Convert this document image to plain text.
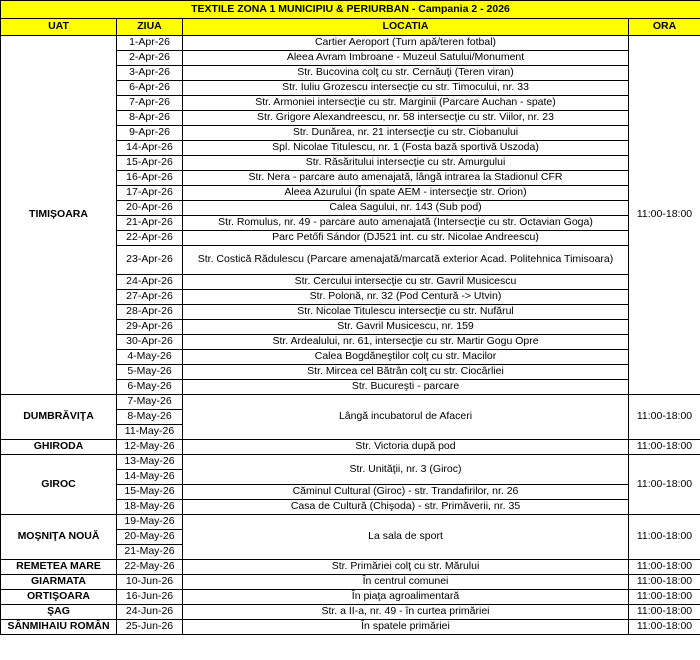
TEXTILE ZONA 1 MUNICIPIU & PERIURBAN - Campania 2 - 2026			
UAT	ZIUA	LOCATIA	ORA
TIMIȘOARA	1-Apr-26	Cartier Aeroport (Turn apă/teren fotbal)	11:00-18:00
	2-Apr-26	Aleea Avram Imbroane - Muzeul Satului/Monument	
	3-Apr-26	Str. Bucovina colţ cu str. Cernăuţi (Teren viran)	
	6-Apr-26	Str. Iuliu Grozescu intersecţie cu str. Timocului, nr. 33	
	7-Apr-26	Str. Armoniei intersecţie cu str. Marginii (Parcare Auchan - spate)	
	8-Apr-26	Str. Grigore Alexandreescu, nr. 58 intersecţie cu str. Viilor, nr. 23	
	9-Apr-26	Str. Dunărea, nr. 21 intersecţie cu str. Ciobanului	
	14-Apr-26	Spl. Nicolae Titulescu, nr. 1 (Fosta bază sportivă Uszoda)	
	15-Apr-26	Str. Răsăritului intersecţie cu str. Amurgului	
	16-Apr-26	Str. Nera - parcare auto amenajată, lângă intrarea la Stadionul CFR	
	17-Apr-26	Aleea Azurului (În spate AEM - intersecţie str. Orion)	
	20-Apr-26	Calea Sagului, nr. 143 (Sub pod)	
	21-Apr-26	Str. Romulus, nr. 49 - parcare auto amenajată (Intersecţie cu str. Octavian Goga)	
	22-Apr-26	Parc Petőfi Sándor (DJ521 int. cu str. Nicolae Andreescu)	
	23-Apr-26	Str. Costică Rădulescu (Parcare amenajată/marcată exterior Acad. Politehnica Timisoara)	
	24-Apr-26	Str. Cercului intersecţie cu str. Gavril Musicescu	
	27-Apr-26	Str. Polonă, nr. 32 (Pod Centură -> Utvin)	
	28-Apr-26	Str. Nicolae Titulescu intersecţie cu str. Nufărul	
	29-Apr-26	Str. Gavril Musicescu, nr. 159	
	30-Apr-26	Str. Ardealului, nr. 61, intersecţie cu str. Martir Gogu Opre	
	4-May-26	Calea Bogdăneştilor colţ cu str. Macilor	
	5-May-26	Str. Mircea cel Bătrân colţ cu str. Ciocârliei	
	6-May-26	Str. Bucureşti - parcare	
DUMBRĂVIŢA	7-May-26	Lângă incubatorul de Afaceri	11:00-18:00
	8-May-26		
	11-May-26		
GHIRODA	12-May-26	Str. Victoria după pod	11:00-18:00
GIROC	13-May-26	Str. Unităţii, nr. 3 (Giroc)	11:00-18:00
	14-May-26		
	15-May-26	Căminul Cultural (Giroc) - str. Trandafirilor, nr. 26	
	18-May-26	Casa de Cultură (Chişoda) - str. Primăverii, nr. 35	
MOŞNIŢA NOUĂ	19-May-26	La sala de sport	11:00-18:00
	20-May-26		
	21-May-26		
REMETEA MARE	22-May-26	Str. Primăriei colţ cu str. Mărului	11:00-18:00
GIARMATA	10-Jun-26	În centrul comunei	11:00-18:00
ORTIŞOARA	16-Jun-26	În piaţa agroalimentară	11:00-18:00
ŞAG	24-Jun-26	Str. a II-a, nr. 49 - în curtea primăriei	11:00-18:00
SÂNMIHAIU ROMÂN	25-Jun-26	În spatele primăriei	11:00-18:00
